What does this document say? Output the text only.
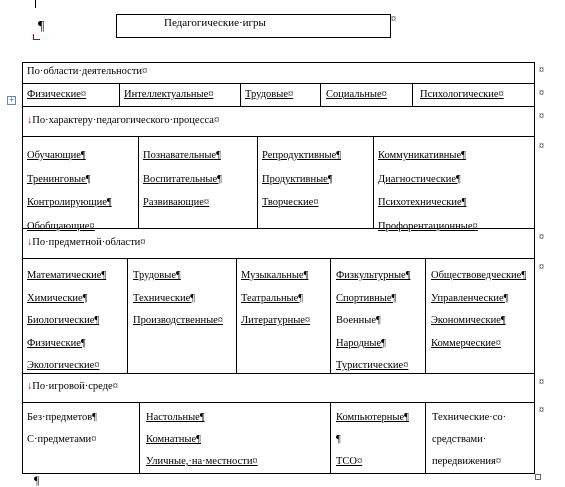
¶	Педагогические·игры	¤
+
По·области·деятельности¤	¤
Физические¤	Интеллектуальные¤	Трудовые¤	Социальные¤	Психологические¤	¤
↓По·характеру·педагогического·процесса¤	¤
Обучающие¶
Тренинговые¶
Контролирующие¶
Обобщающие¤
Познавательные¶
Воспитательные¶
Развивающие¤
Репродуктивные¶
Продуктивные¶
Творческие¤
Коммуникативные¶
Диагностические¶
Психотехнические¶
Профорентационные¤
¤
↓По·предметной·области¤	¤
Математические¶
Химические¶
Биологические¶
Физические¶
Экологические¤
Трудовые¶
Технические¶
Производственные¤
Музыкальные¶
Театральные¶
Литературные¤
Физкультурные¶
Спортивные¶
Военные¶
Народные¶
Туристические¤
Обществоведческие¶
Управленческие¶
Экономические¶
Коммерческие¤
¤
↓По·игровой·среде¤	¤
Без·предметов¶
С·предметами¤
Настольные¶
Комнатные¶
Уличные,·на·местности¤
Компьютерные¶
¶
ТСО¤
Технические·со·
средствами·
передвижения¤
¤
¶
